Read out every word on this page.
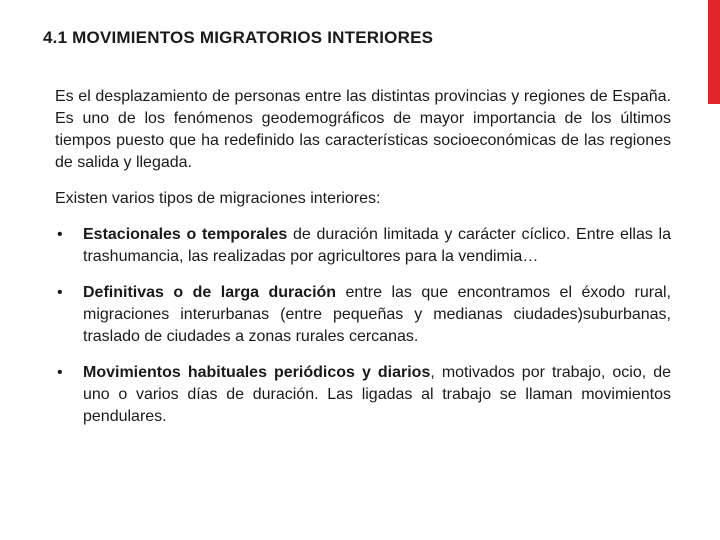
4.1 MOVIMIENTOS MIGRATORIOS INTERIORES

Es el desplazamiento de personas entre las distintas provincias y regiones de España. Es uno de los fenómenos geodemográficos de mayor importancia de los últimos tiempos puesto que ha redefinido las características socioeconómicas de las regiones de salida y llegada.

Existen varios tipos de migraciones interiores:

•	Estacionales o temporales de duración limitada y carácter cíclico. Entre ellas la trashumancia, las realizadas por agricultores para la vendimia…
•	Definitivas o de larga duración entre las que encontramos el éxodo rural, migraciones interurbanas (entre pequeñas y medianas ciudades)suburbanas, traslado de ciudades a zonas rurales cercanas.
•	Movimientos habituales periódicos y diarios, motivados por trabajo, ocio, de uno o varios días de duración. Las ligadas al trabajo se llaman movimientos pendulares.
